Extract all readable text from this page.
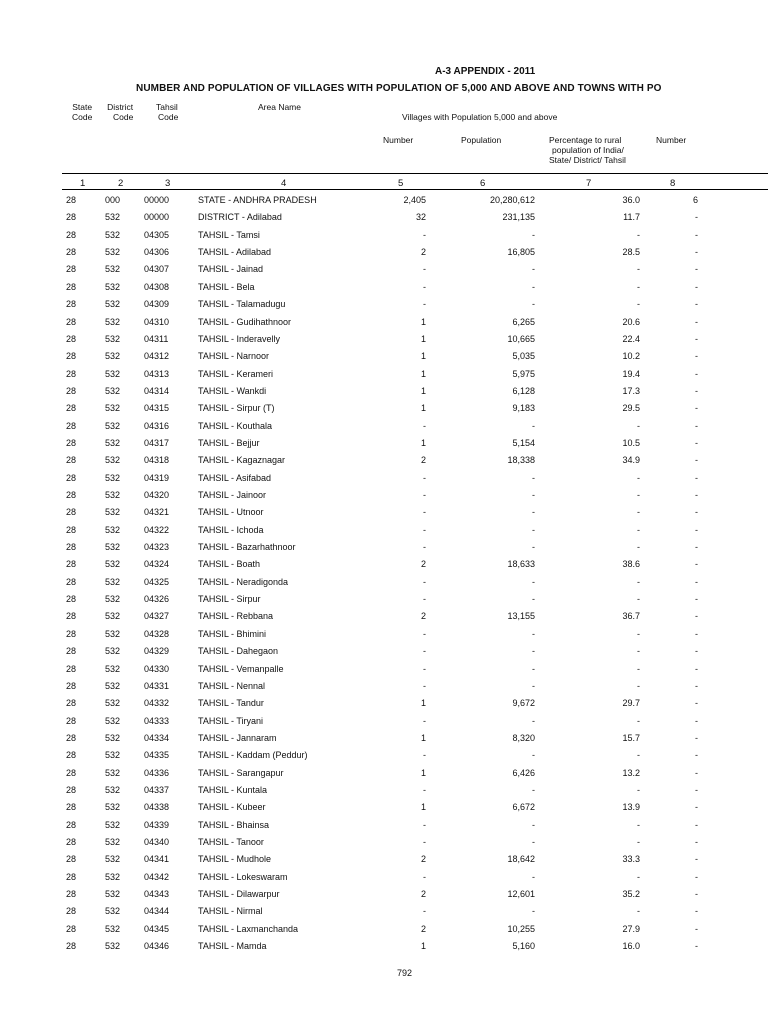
A-3 APPENDIX - 2011
NUMBER AND POPULATION OF VILLAGES WITH POPULATION OF 5,000 AND ABOVE AND TOWNS WITH PO
State
Code
District
Code
Tahsil
Code
Area Name
Villages with Population 5,000 and above
Number	Population	Percentage to rural
population of India/
State/ District/ Tahsil
Number
1	2	3	4	5	6	7	8
28	000	00000	STATE - ANDHRA PRADESH	2,405	20,280,612	36.0	6
28	532	00000	DISTRICT - Adilabad	32	231,135	11.7	-
28	532	04305	TAHSIL - Tamsi	-	-	-	-
28	532	04306	TAHSIL - Adilabad	2	16,805	28.5	-
28	532	04307	TAHSIL - Jainad	-	-	-	-
28	532	04308	TAHSIL - Bela	-	-	-	-
28	532	04309	TAHSIL - Talamadugu	-	-	-	-
28	532	04310	TAHSIL - Gudihathnoor	1	6,265	20.6	-
28	532	04311	TAHSIL - Inderavelly	1	10,665	22.4	-
28	532	04312	TAHSIL - Narnoor	1	5,035	10.2	-
28	532	04313	TAHSIL - Kerameri	1	5,975	19.4	-
28	532	04314	TAHSIL - Wankdi	1	6,128	17.3	-
28	532	04315	TAHSIL - Sirpur (T)	1	9,183	29.5	-
28	532	04316	TAHSIL - Kouthala	-	-	-	-
28	532	04317	TAHSIL - Bejjur	1	5,154	10.5	-
28	532	04318	TAHSIL - Kagaznagar	2	18,338	34.9	-
28	532	04319	TAHSIL - Asifabad	-	-	-	-
28	532	04320	TAHSIL - Jainoor	-	-	-	-
28	532	04321	TAHSIL - Utnoor	-	-	-	-
28	532	04322	TAHSIL - Ichoda	-	-	-	-
28	532	04323	TAHSIL - Bazarhathnoor	-	-	-	-
28	532	04324	TAHSIL - Boath	2	18,633	38.6	-
28	532	04325	TAHSIL - Neradigonda	-	-	-	-
28	532	04326	TAHSIL - Sirpur	-	-	-	-
28	532	04327	TAHSIL - Rebbana	2	13,155	36.7	-
28	532	04328	TAHSIL - Bhimini	-	-	-	-
28	532	04329	TAHSIL - Dahegaon	-	-	-	-
28	532	04330	TAHSIL - Vemanpalle	-	-	-	-
28	532	04331	TAHSIL - Nennal	-	-	-	-
28	532	04332	TAHSIL - Tandur	1	9,672	29.7	-
28	532	04333	TAHSIL - Tiryani	-	-	-	-
28	532	04334	TAHSIL - Jannaram	1	8,320	15.7	-
28	532	04335	TAHSIL - Kaddam (Peddur)	-	-	-	-
28	532	04336	TAHSIL - Sarangapur	1	6,426	13.2	-
28	532	04337	TAHSIL - Kuntala	-	-	-	-
28	532	04338	TAHSIL - Kubeer	1	6,672	13.9	-
28	532	04339	TAHSIL - Bhainsa	-	-	-	-
28	532	04340	TAHSIL - Tanoor	-	-	-	-
28	532	04341	TAHSIL - Mudhole	2	18,642	33.3	-
28	532	04342	TAHSIL - Lokeswaram	-	-	-	-
28	532	04343	TAHSIL - Dilawarpur	2	12,601	35.2	-
28	532	04344	TAHSIL - Nirmal	-	-	-	-
28	532	04345	TAHSIL - Laxmanchanda	2	10,255	27.9	-
28	532	04346	TAHSIL - Mamda	1	5,160	16.0	-
792
